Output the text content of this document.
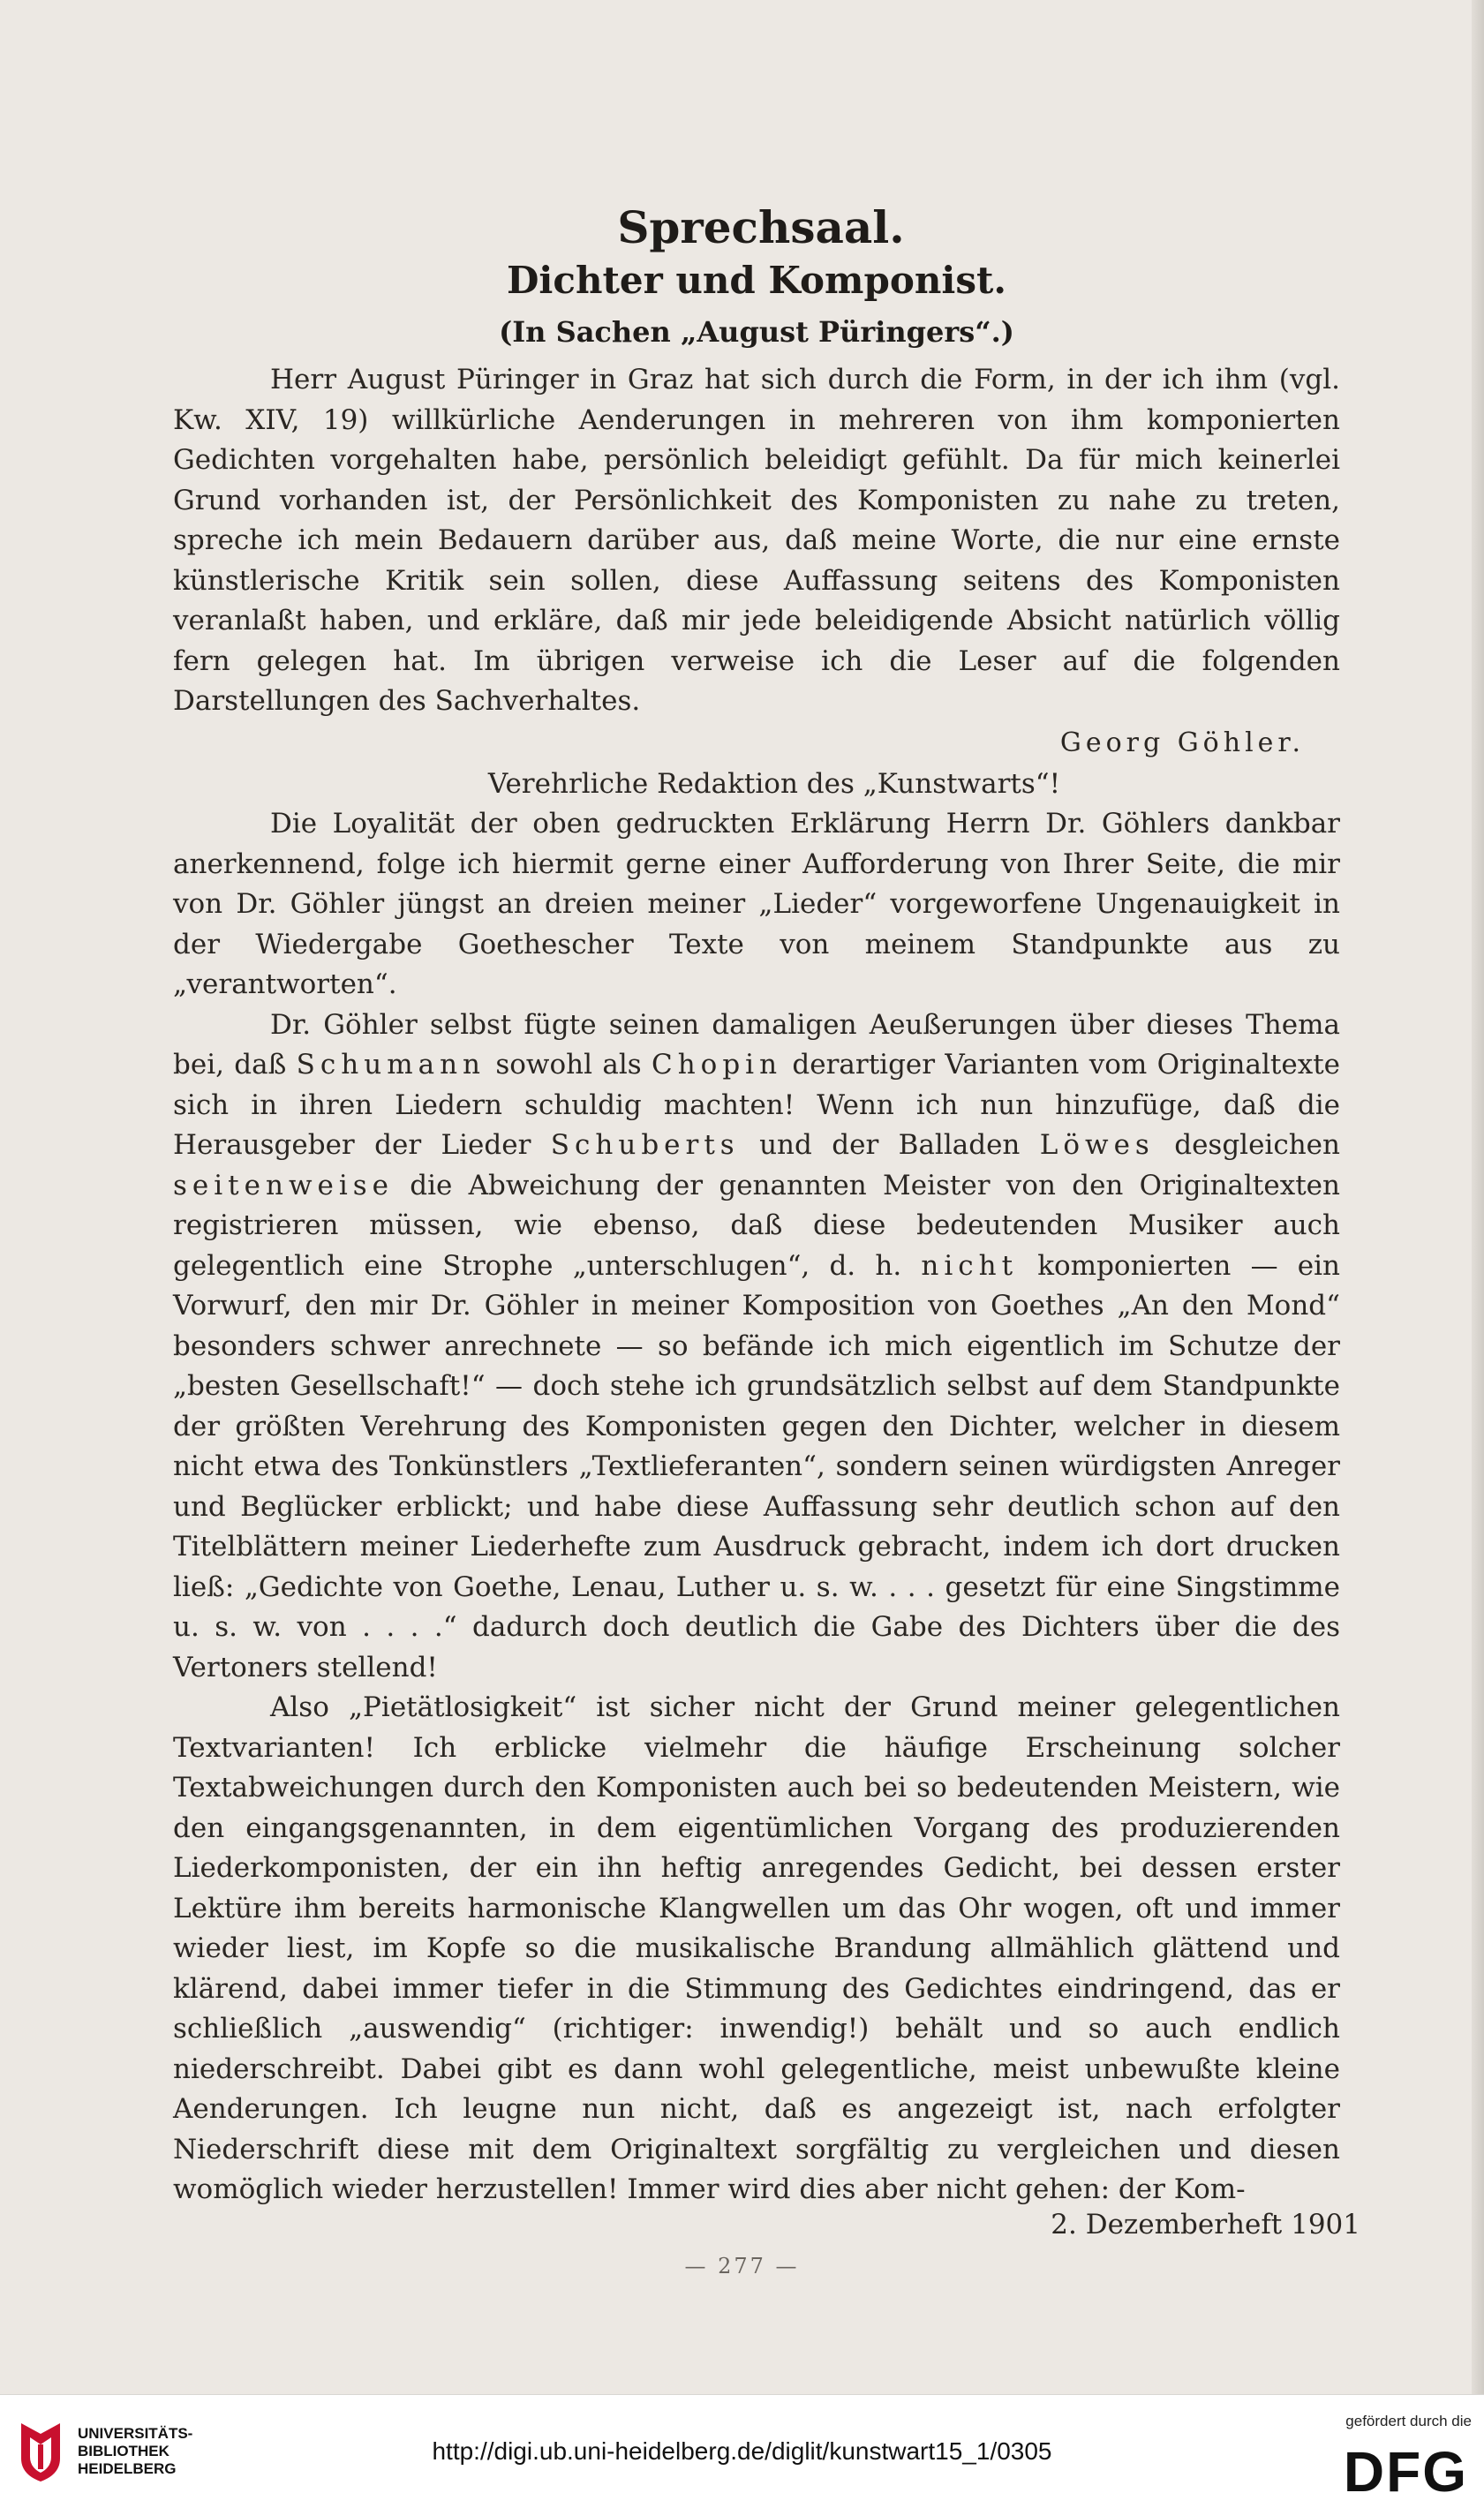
Sprechsaal.
Dichter und Komponist.
(In Sachen „August Püringers“.)

Herr August Püringer in Graz hat sich durch die Form, in der ich ihm (vgl. Kw. XIV, 19) willkürliche Aenderungen in mehreren von ihm komponierten Gedichten vorgehalten habe, persönlich beleidigt gefühlt. Da für mich keinerlei Grund vorhanden ist, der Persönlichkeit des Komponisten zu nahe zu treten, spreche ich mein Bedauern darüber aus, daß meine Worte, die nur eine ernste künstlerische Kritik sein sollen, diese Auffassung seitens des Komponisten veranlaßt haben, und erkläre, daß mir jede beleidigende Absicht natürlich völlig fern gelegen hat. Im übrigen verweise ich die Leser auf die folgenden Darstellungen des Sachverhaltes.

Georg Göhler.
Verehrliche Redaktion des „Kunstwarts“!

Die Loyalität der oben gedruckten Erklärung Herrn Dr. Göhlers dankbar anerkennend, folge ich hiermit gerne einer Aufforderung von Ihrer Seite, die mir von Dr. Göhler jüngst an dreien meiner „Lieder“ vorgeworfene Ungenauigkeit in der Wiedergabe Goethescher Texte von meinem Standpunkte aus zu „verantworten“.

Dr. Göhler selbst fügte seinen damaligen Aeußerungen über dieses Thema bei, daß Schumann sowohl als Chopin derartiger Varianten vom Originaltexte sich in ihren Liedern schuldig machten! Wenn ich nun hinzufüge, daß die Herausgeber der Lieder Schuberts und der Balladen Löwes desgleichen seitenweise die Abweichung der genannten Meister von den Originaltexten registrieren müssen, wie ebenso, daß diese bedeutenden Musiker auch gelegentlich eine Strophe „unterschlugen“, d. h. nicht komponierten — ein Vorwurf, den mir Dr. Göhler in meiner Komposition von Goethes „An den Mond“ besonders schwer anrechnete — so befände ich mich eigentlich im Schutze der „besten Gesellschaft!“ — doch stehe ich grundsätzlich selbst auf dem Standpunkte der größten Verehrung des Komponisten gegen den Dichter, welcher in diesem nicht etwa des Tonkünstlers „Textlieferanten“, sondern seinen würdigsten Anreger und Beglücker erblickt; und habe diese Auffassung sehr deutlich schon auf den Titelblättern meiner Liederhefte zum Ausdruck gebracht, indem ich dort drucken ließ: „Gedichte von Goethe, Lenau, Luther u. s. w. . . . gesetzt für eine Singstimme u. s. w. von . . . .“ dadurch doch deutlich die Gabe des Dichters über die des Vertoners stellend!

Also „Pietätlosigkeit“ ist sicher nicht der Grund meiner gelegentlichen Textvarianten! Ich erblicke vielmehr die häufige Erscheinung solcher Textabweichungen durch den Komponisten auch bei so bedeutenden Meistern, wie den eingangsgenannten, in dem eigentümlichen Vorgang des produzierenden Liederkomponisten, der ein ihn heftig anregendes Gedicht, bei dessen erster Lektüre ihm bereits harmonische Klangwellen um das Ohr wogen, oft und immer wieder liest, im Kopfe so die musikalische Brandung allmählich glättend und klärend, dabei immer tiefer in die Stimmung des Gedichtes eindringend, das er schließlich „auswendig“ (richtiger: inwendig!) behält und so auch endlich niederschreibt. Dabei gibt es dann wohl gelegentliche, meist unbewußte kleine Aenderungen. Ich leugne nun nicht, daß es angezeigt ist, nach erfolgter Niederschrift diese mit dem Originaltext sorgfältig zu vergleichen und diesen womöglich wieder herzustellen! Immer wird dies aber nicht gehen: der Kom-

2. Dezemberheft 1901
— 277 —
UNIVERSITÄTS-
BIBLIOTHEK
HEIDELBERG
http://digi.ub.uni-heidelberg.de/diglit/kunstwart15_1/0305
gefördert durch die
DFG
